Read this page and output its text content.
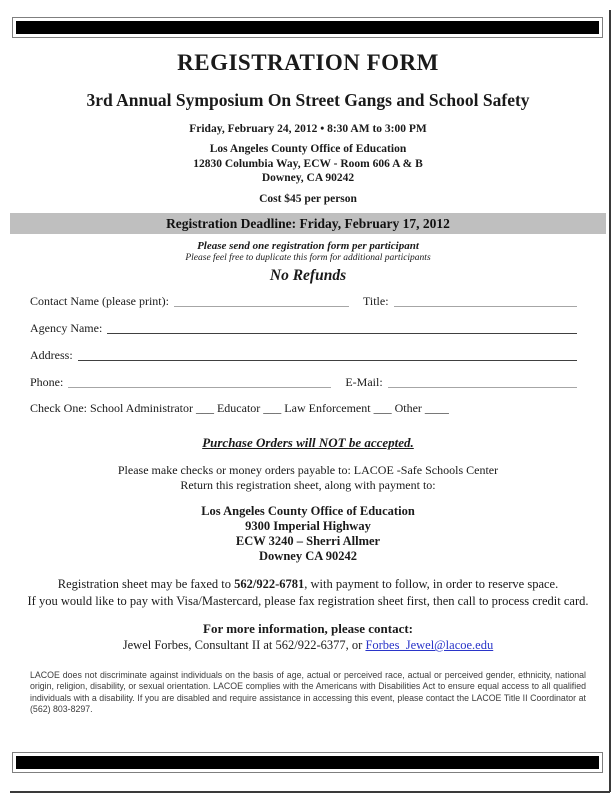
REGISTRATION FORM
3rd Annual Symposium On Street Gangs and School Safety
Friday, February 24, 2012 • 8:30 AM to 3:00 PM
Los Angeles County Office of Education
12830 Columbia Way, ECW - Room 606 A & B
Downey, CA 90242
Cost $45 per person
Registration Deadline: Friday, February 17, 2012
Please send one registration form per participant
Please feel free to duplicate this form for additional participants
No Refunds
Contact Name (please print):	Title:
Agency Name:
Address:
Phone:	E-Mail:
Check One: School Administrator ___ Educator ___ Law Enforcement ___ Other ____
Purchase Orders will NOT be accepted.
Please make checks or money orders payable to: LACOE -Safe Schools Center
Return this registration sheet, along with payment to:
Los Angeles County Office of Education
9300 Imperial Highway
ECW 3240 – Sherri Allmer
Downey CA 90242
Registration sheet may be faxed to 562/922-6781, with payment to follow, in order to reserve space.
If you would like to pay with Visa/Mastercard, please fax registration sheet first, then call to process credit card.
For more information, please contact:
Jewel Forbes, Consultant II at 562/922-6377, or Forbes_Jewel@lacoe.edu
LACOE does not discriminate against individuals on the basis of age, actual or perceived race, actual or perceived gender, ethnicity, national origin, religion, disability, or sexual orientation. LACOE complies with the Americans with Disabilities Act to ensure equal access to all qualified individuals with a disability. If you are disabled and require assistance in accessing this event, please contact the LACOE Title II Coordinator at (562) 803-8297.
